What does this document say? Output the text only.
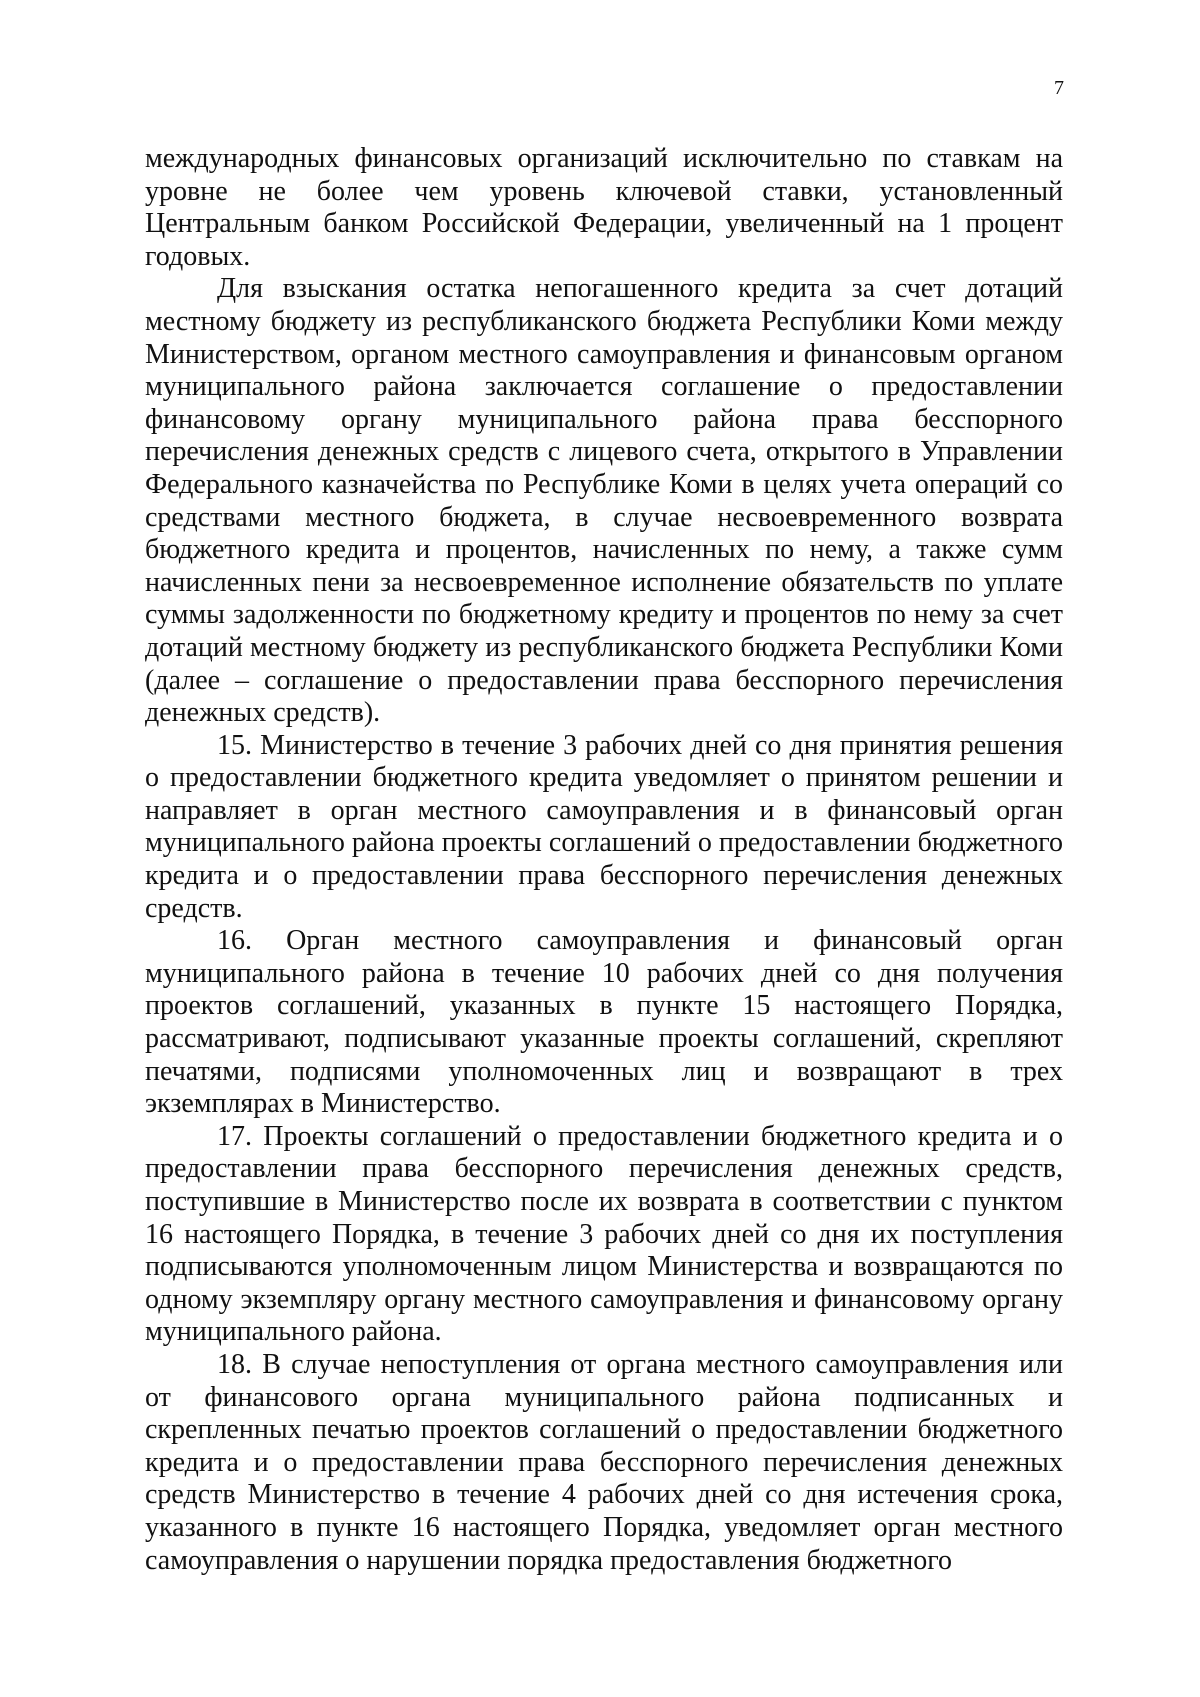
7

международных финансовых организаций исключительно по ставкам на уровне не более чем уровень ключевой ставки, установленный Центральным банком Российской Федерации, увеличенный на 1 процент годовых.

Для взыскания остатка непогашенного кредита за счет дотаций местному бюджету из республиканского бюджета Республики Коми между Министерством, органом местного самоуправления и финансовым органом муниципального района заключается соглашение о предоставлении финансовому органу муниципального района права бесспорного перечисления денежных средств с лицевого счета, открытого в Управлении Федерального казначейства по Республике Коми в целях учета операций со средствами местного бюджета, в случае несвоевременного возврата бюджетного кредита и процентов, начисленных по нему, а также сумм начисленных пени за несвоевременное исполнение обязательств по уплате суммы задолженности по бюджетному кредиту и процентов по нему за счет дотаций местному бюджету из республиканского бюджета Республики Коми (далее – соглашение о предоставлении права бесспорного перечисления денежных средств).

15. Министерство в течение 3 рабочих дней со дня принятия решения о предоставлении бюджетного кредита уведомляет о принятом решении и направляет в орган местного самоуправления и в финансовый орган муниципального района проекты соглашений о предоставлении бюджетного кредита и о предоставлении права бесспорного перечисления денежных средств.

16. Орган местного самоуправления и финансовый орган муниципального района в течение 10 рабочих дней со дня получения проектов соглашений, указанных в пункте 15 настоящего Порядка, рассматривают, подписывают указанные проекты соглашений, скрепляют печатями, подписями уполномоченных лиц и возвращают в трех экземплярах в Министерство.

17. Проекты соглашений о предоставлении бюджетного кредита и о предоставлении права бесспорного перечисления денежных средств, поступившие в Министерство после их возврата в соответствии с пунктом 16 настоящего Порядка, в течение 3 рабочих дней со дня их поступления подписываются уполномоченным лицом Министерства и возвращаются по одному экземпляру органу местного самоуправления и финансовому органу муниципального района.

18. В случае непоступления от органа местного самоуправления или от финансового органа муниципального района подписанных и скрепленных печатью проектов соглашений о предоставлении бюджетного кредита и о предоставлении права бесспорного перечисления денежных средств Министерство в течение 4 рабочих дней со дня истечения срока, указанного в пункте 16 настоящего Порядка, уведомляет орган местного самоуправления о нарушении порядка предоставления бюджетного
